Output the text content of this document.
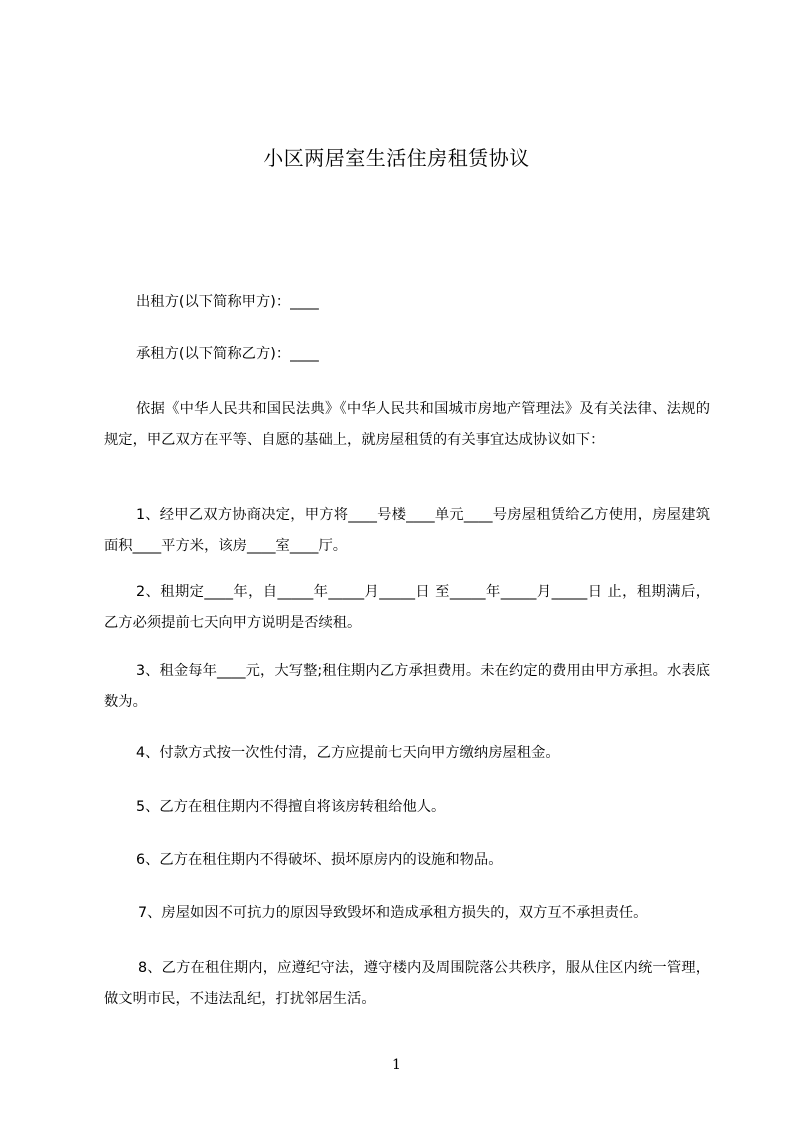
小区两居室生活住房租赁协议

出租方(以下简称甲方)：____

承租方(以下简称乙方)：____

依据《中华人民共和国民法典》《中华人民共和国城市房地产管理法》及有关法律、法规的规定，甲乙双方在平等、自愿的基础上，就房屋租赁的有关事宜达成协议如下：

1、经甲乙双方协商决定，甲方将____号楼____单元____号房屋租赁给乙方使用，房屋建筑面积____平方米，该房____室____厅。

2、租期定____年，自_____年_____月_____日 至_____年_____月_____日 止，租期满后，乙方必须提前七天向甲方说明是否续租。

3、租金每年____元，大写整;租住期内乙方承担费用。未在约定的费用由甲方承担。水表底数为。

4、付款方式按一次性付清，乙方应提前七天向甲方缴纳房屋租金。

5、乙方在租住期内不得擅自将该房转租给他人。

6、乙方在租住期内不得破坏、损坏原房内的设施和物品。

7、房屋如因不可抗力的原因导致毁坏和造成承租方损失的，双方互不承担责任。

8、乙方在租住期内，应遵纪守法，遵守楼内及周围院落公共秩序，服从住区内统一管理，做文明市民，不违法乱纪，打扰邻居生活。

1
